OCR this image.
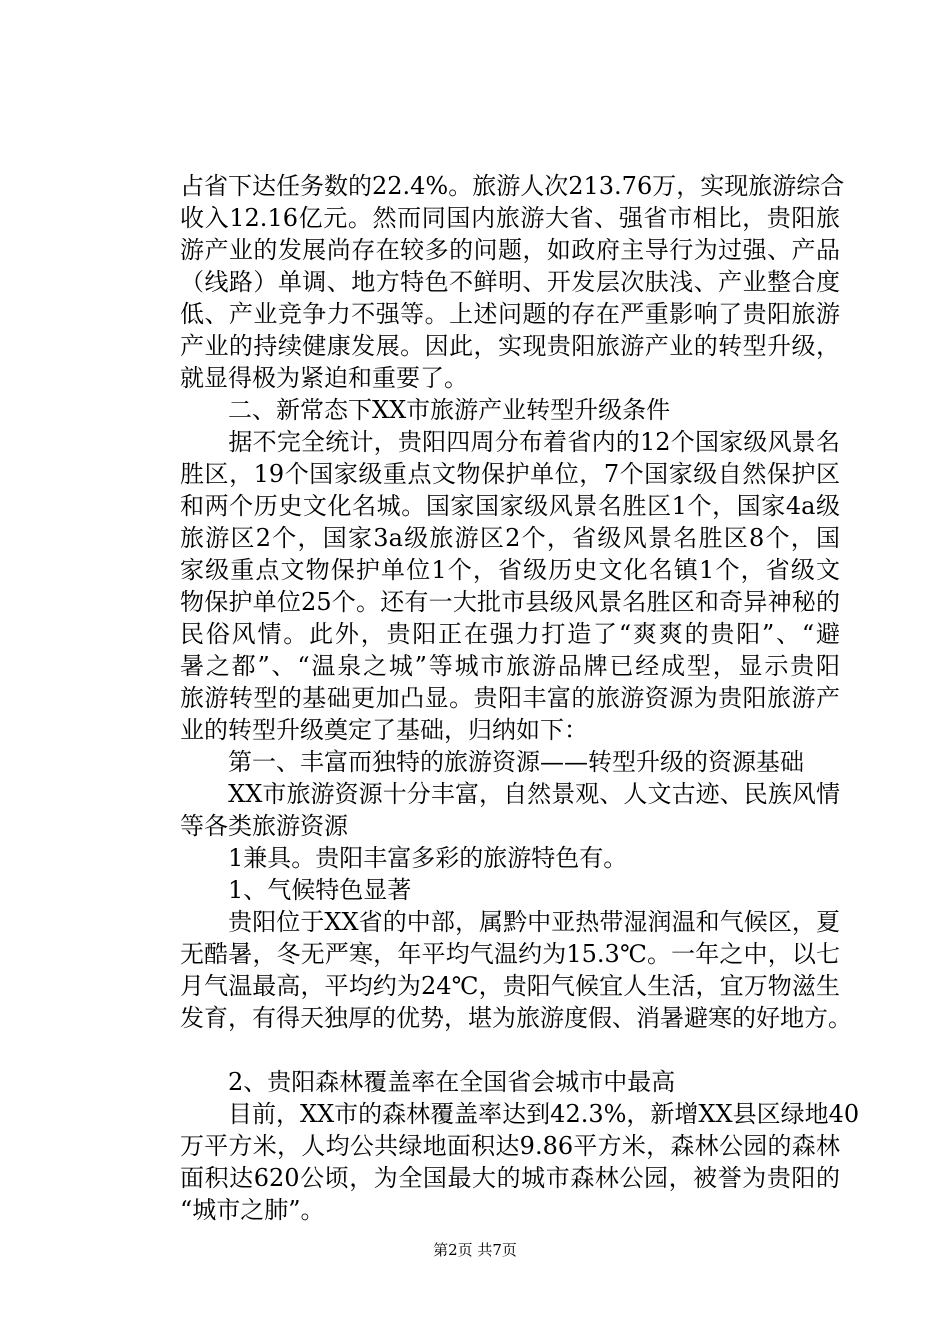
占省下达任务数的22.4%。旅游人次213.76万，实现旅游综合
收入12.16亿元。然而同国内旅游大省、强省市相比，贵阳旅
游产业的发展尚存在较多的问题，如政府主导行为过强、产品
（线路）单调、地方特色不鲜明、开发层次肤浅、产业整合度
低、产业竞争力不强等。上述问题的存在严重影响了贵阳旅游
产业的持续健康发展。因此，实现贵阳旅游产业的转型升级，
就显得极为紧迫和重要了。
　　二、新常态下XX市旅游产业转型升级条件
　　据不完全统计，贵阳四周分布着省内的12个国家级风景名
胜区，19个国家级重点文物保护单位，7个国家级自然保护区
和两个历史文化名城。国家国家级风景名胜区1个，国家4a级
旅游区2个，国家3a级旅游区2个，省级风景名胜区8个，国
家级重点文物保护单位1个，省级历史文化名镇1个，省级文
物保护单位25个。还有一大批市县级风景名胜区和奇异神秘的
民俗风情。此外，贵阳正在强力打造了“爽爽的贵阳”、“避
暑之都”、“温泉之城”等城市旅游品牌已经成型，显示贵阳
旅游转型的基础更加凸显。贵阳丰富的旅游资源为贵阳旅游产
业的转型升级奠定了基础，归纳如下：
　　第一、丰富而独特的旅游资源——转型升级的资源基础
　　XX市旅游资源十分丰富，自然景观、人文古迹、民族风情
等各类旅游资源
　　1兼具。贵阳丰富多彩的旅游特色有。
　　1、气候特色显著
　　贵阳位于XX省的中部，属黔中亚热带湿润温和气候区，夏
无酷暑，冬无严寒，年平均气温约为15.3℃。一年之中，以七
月气温最高，平均约为24℃，贵阳气候宜人生活，宜万物滋生
发育，有得天独厚的优势，堪为旅游度假、消暑避寒的好地方。
　　2、贵阳森林覆盖率在全国省会城市中最高
　　目前，XX市的森林覆盖率达到42.3%，新增XX县区绿地40
万平方米，人均公共绿地面积达9.86平方米，森林公园的森林
面积达620公顷，为全国最大的城市森林公园，被誉为贵阳的
“城市之肺”。
第2页 共7页
